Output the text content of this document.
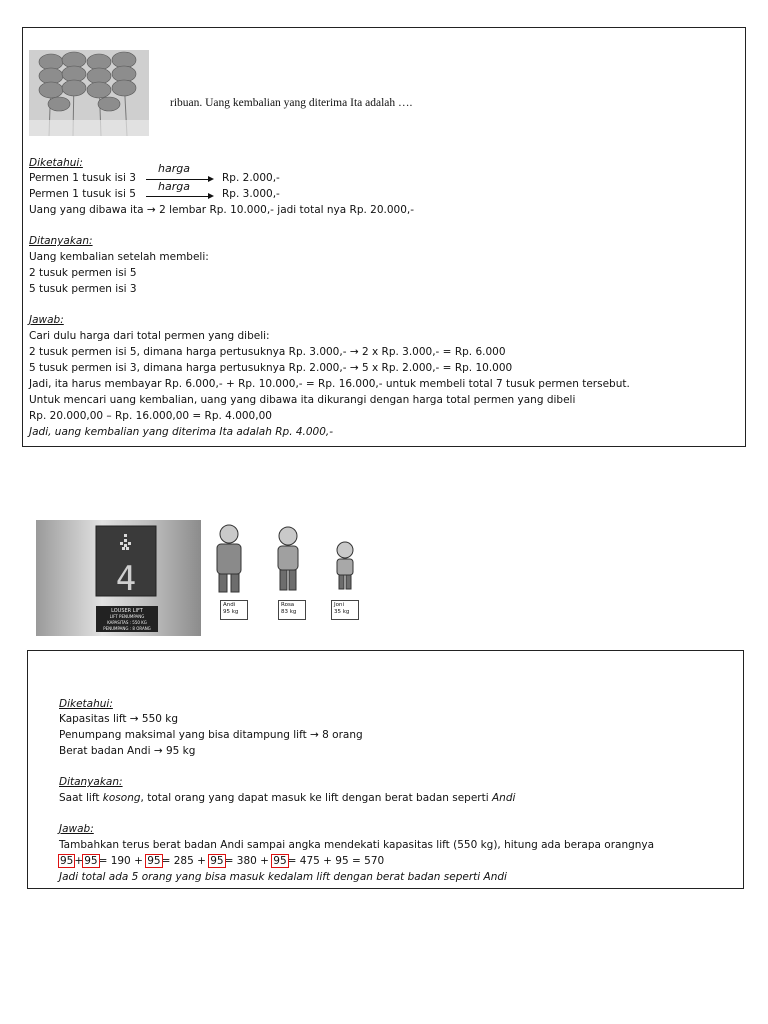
ribuan. Uang kembalian yang diterima Ita adalah ….
Diketahui:	harga
Permen 1 tusuk isi 3	Rp. 2.000,-
harga
Permen 1 tusuk isi 5	Rp. 3.000,-
Uang yang dibawa ita → 2 lembar Rp. 10.000,- jadi total nya Rp. 20.000,-
Ditanyakan:
Uang kembalian setelah membeli:
2 tusuk permen isi 5
5 tusuk permen isi 3
Jawab:
Cari dulu harga dari total permen yang dibeli:
2 tusuk permen isi 5, dimana harga pertusuknya Rp. 3.000,- → 2 x Rp. 3.000,- = Rp. 6.000
5 tusuk permen isi 3, dimana harga pertusuknya Rp. 2.000,- → 5 x Rp. 2.000,- = Rp. 10.000
Jadi, ita harus membayar Rp. 6.000,- + Rp. 10.000,- = Rp. 16.000,- untuk membeli total 7 tusuk permen tersebut.
Untuk mencari uang kembalian, uang yang dibawa ita dikurangi dengan harga total permen yang dibeli
Rp. 20.000,00 – Rp. 16.000,00 = Rp. 4.000,00
Jadi, uang kembalian yang diterima Ita adalah Rp. 4.000,-
4
LOUSER LIFT
LIFT PENUMPANG
KAPASITAS : 550 KG
PENUMPANG : 8 ORANG
Andi
95 kg
Rosa
83 kg
Joni
35 kg
Diketahui:
Kapasitas lift → 550 kg
Penumpang maksimal yang bisa ditampung lift → 8 orang
Berat badan Andi → 95 kg
Ditanyakan:
Saat lift kosong, total orang yang dapat masuk ke lift dengan berat badan seperti Andi
Jawab:
Tambahkan terus berat badan Andi sampai angka mendekati kapasitas lift (550 kg), hitung ada berapa orangnya
95+95= 190 + 95= 285 + 95= 380 + 95= 475 + 95 = 570
Jadi total ada 5 orang yang bisa masuk kedalam lift dengan berat badan seperti Andi
